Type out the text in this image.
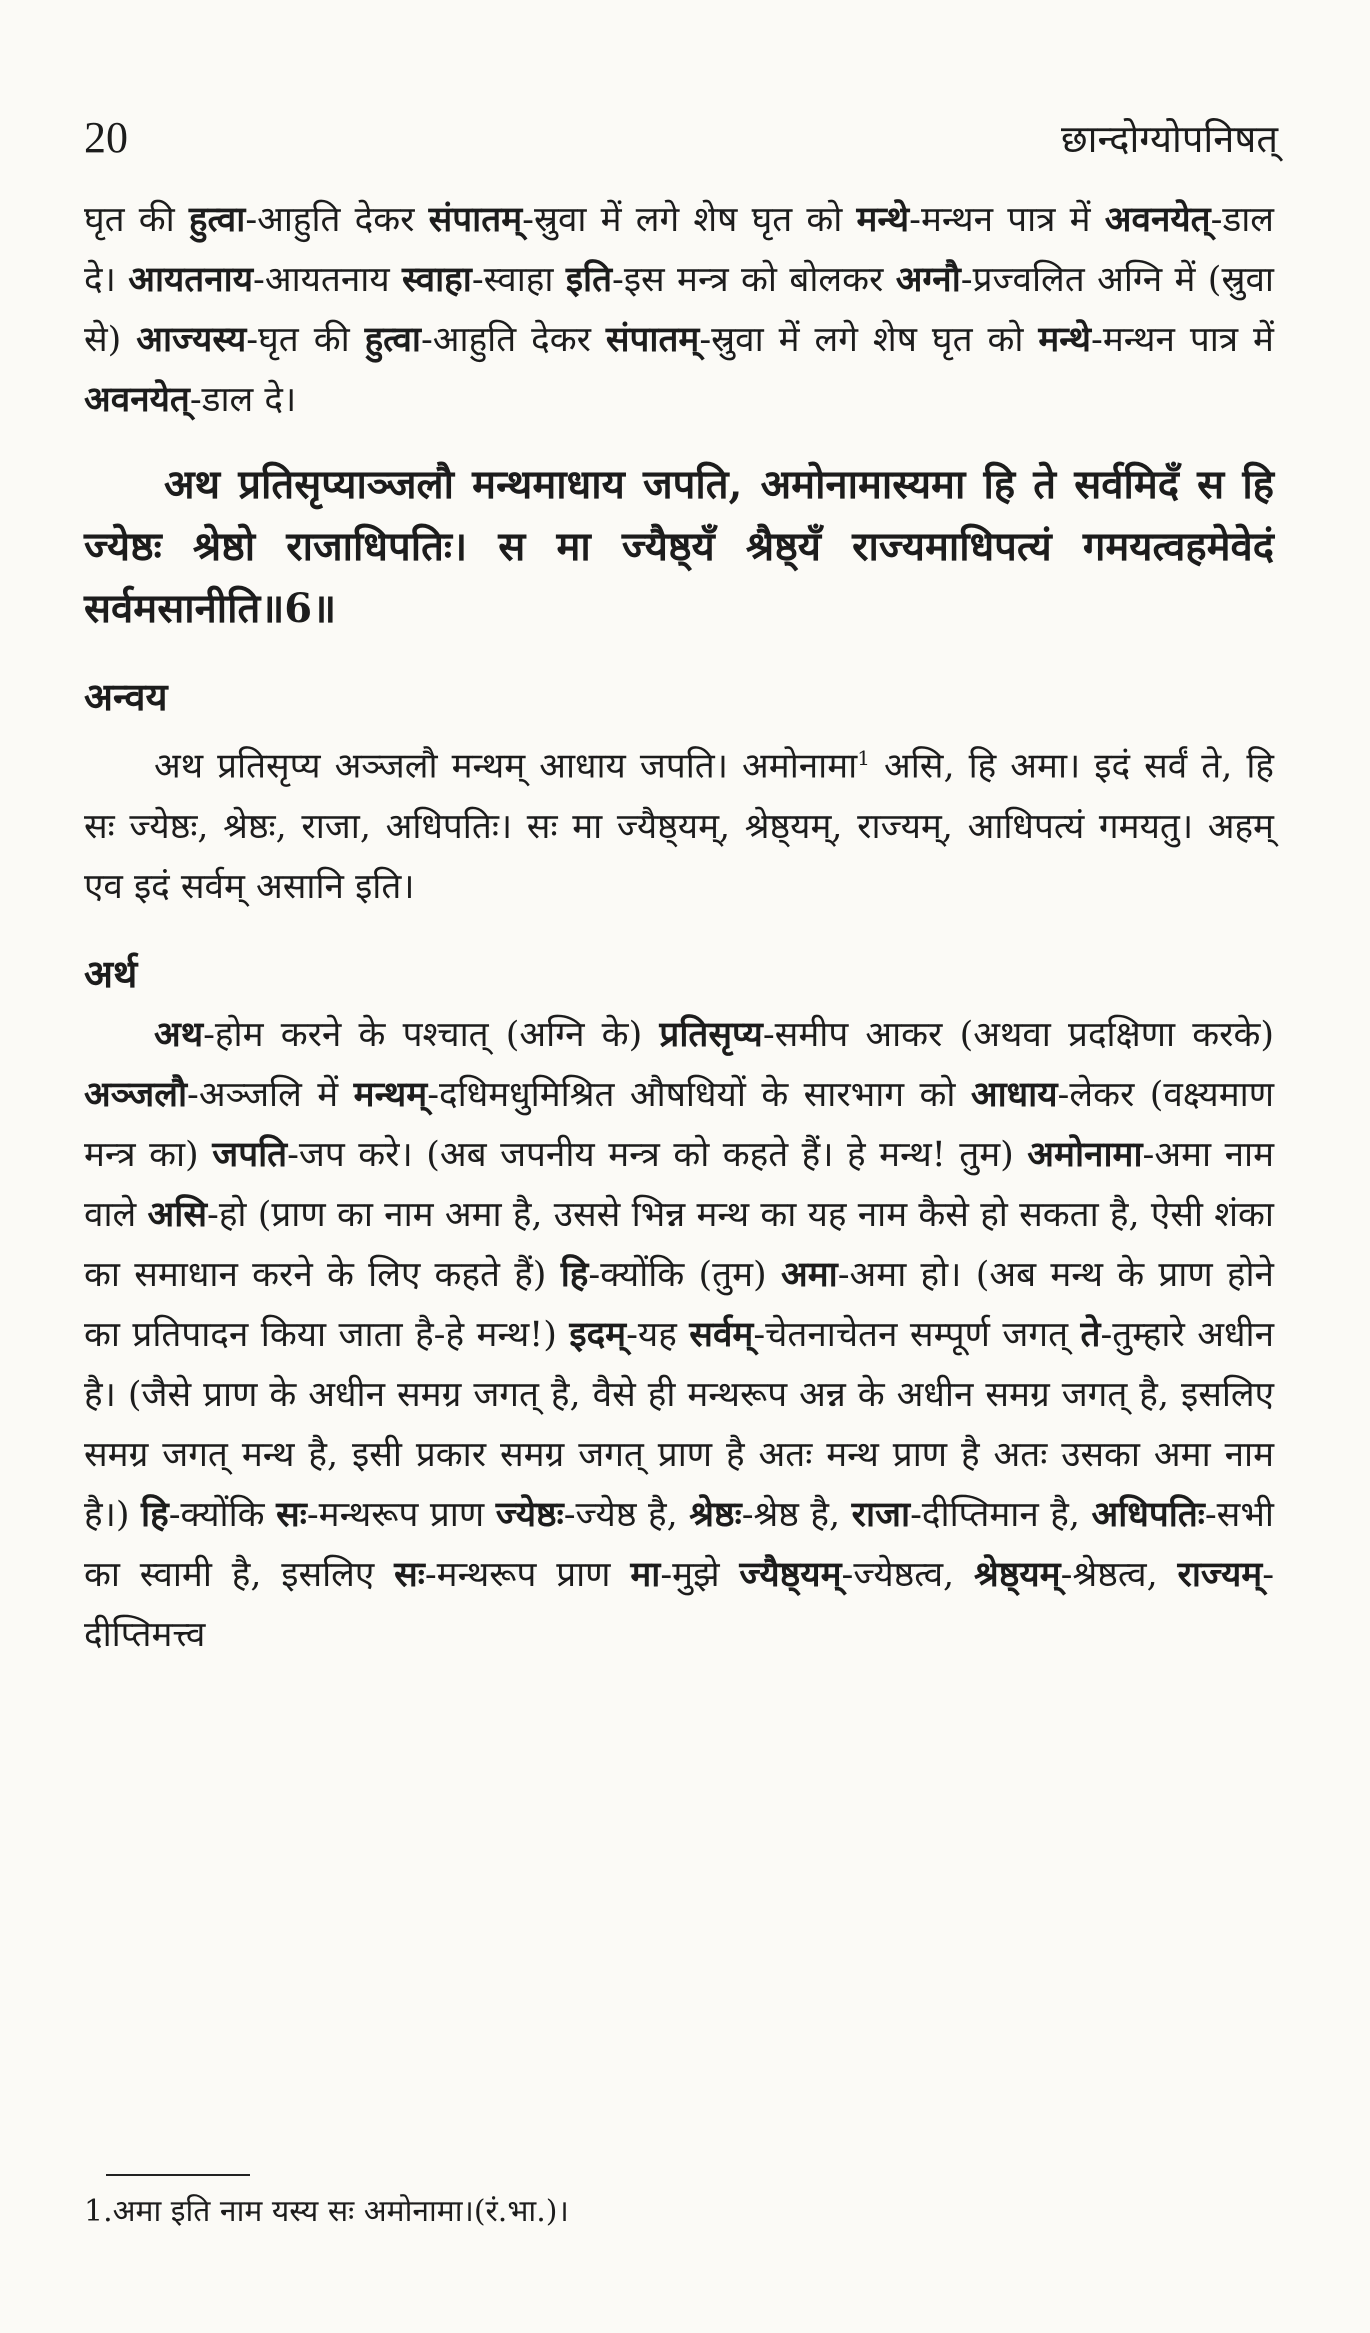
20	छान्दोग्योपनिषत्

घृत की हुत्वा-आहुति देकर संपातम्-स्रुवा में लगे शेष घृत को मन्थे-मन्थन पात्र में अवनयेत्-डाल दे। आयतनाय-आयतनाय स्वाहा-स्वाहा इति-इस मन्त्र को बोलकर अग्नौ-प्रज्वलित अग्नि में (स्रुवा से) आज्यस्य-घृत की हुत्वा-आहुति देकर संपातम्-स्रुवा में लगे शेष घृत को मन्थे-मन्थन पात्र में अवनयेत्-डाल दे।

अथ प्रतिसृप्याञ्जलौ मन्थमाधाय जपति, अमोनामास्यमा हि ते सर्वमिदँ स हि ज्येष्ठः श्रेष्ठो राजाधिपतिः। स मा ज्यैष्ठ्यँ श्रैष्ठ्यँ राज्यमाधिपत्यं गमयत्वहमेवेदं सर्वमसानीति॥6॥

अन्वय

अथ प्रतिसृप्य अञ्जलौ मन्थम् आधाय जपति। अमोनामा$^1$ असि, हि अमा। इदं सर्वं ते, हि सः ज्येष्ठः, श्रेष्ठः, राजा, अधिपतिः। सः मा ज्यैष्ठ्यम्, श्रेष्ठ्यम्, राज्यम्, आधिपत्यं गमयतु। अहम् एव इदं सर्वम् असानि इति।

अर्थ

अथ-होम करने के पश्चात् (अग्नि के) प्रतिसृप्य-समीप आकर (अथवा प्रदक्षिणा करके) अञ्जलौ-अञ्जलि में मन्थम्-दधिमधुमिश्रित औषधियों के सारभाग को आधाय-लेकर (वक्ष्यमाण मन्त्र का) जपति-जप करे। (अब जपनीय मन्त्र को कहते हैं। हे मन्थ! तुम) अमोनामा-अमा नाम वाले असि-हो (प्राण का नाम अमा है, उससे भिन्न मन्थ का यह नाम कैसे हो सकता है, ऐसी शंका का समाधान करने के लिए कहते हैं) हि-क्योंकि (तुम) अमा-अमा हो। (अब मन्थ के प्राण होने का प्रतिपादन किया जाता है-हे मन्थ!) इदम्-यह सर्वम्-चेतनाचेतन सम्पूर्ण जगत् ते-तुम्हारे अधीन है। (जैसे प्राण के अधीन समग्र जगत् है, वैसे ही मन्थरूप अन्न के अधीन समग्र जगत् है, इसलिए समग्र जगत् मन्थ है, इसी प्रकार समग्र जगत् प्राण है अतः मन्थ प्राण है अतः उसका अमा नाम है।) हि-क्योंकि सः-मन्थरूप प्राण ज्येष्ठः-ज्येष्ठ है, श्रेष्ठः-श्रेष्ठ है, राजा-दीप्तिमान है, अधिपतिः-सभी का स्वामी है, इसलिए सः-मन्थरूप प्राण मा-मुझे ज्यैष्ठ्यम्-ज्येष्ठत्व, श्रेष्ठ्यम्-श्रेष्ठत्व, राज्यम्-दीप्तिमत्त्व

1.अमा इति नाम यस्य सः अमोनामा।(रं.भा.)।
